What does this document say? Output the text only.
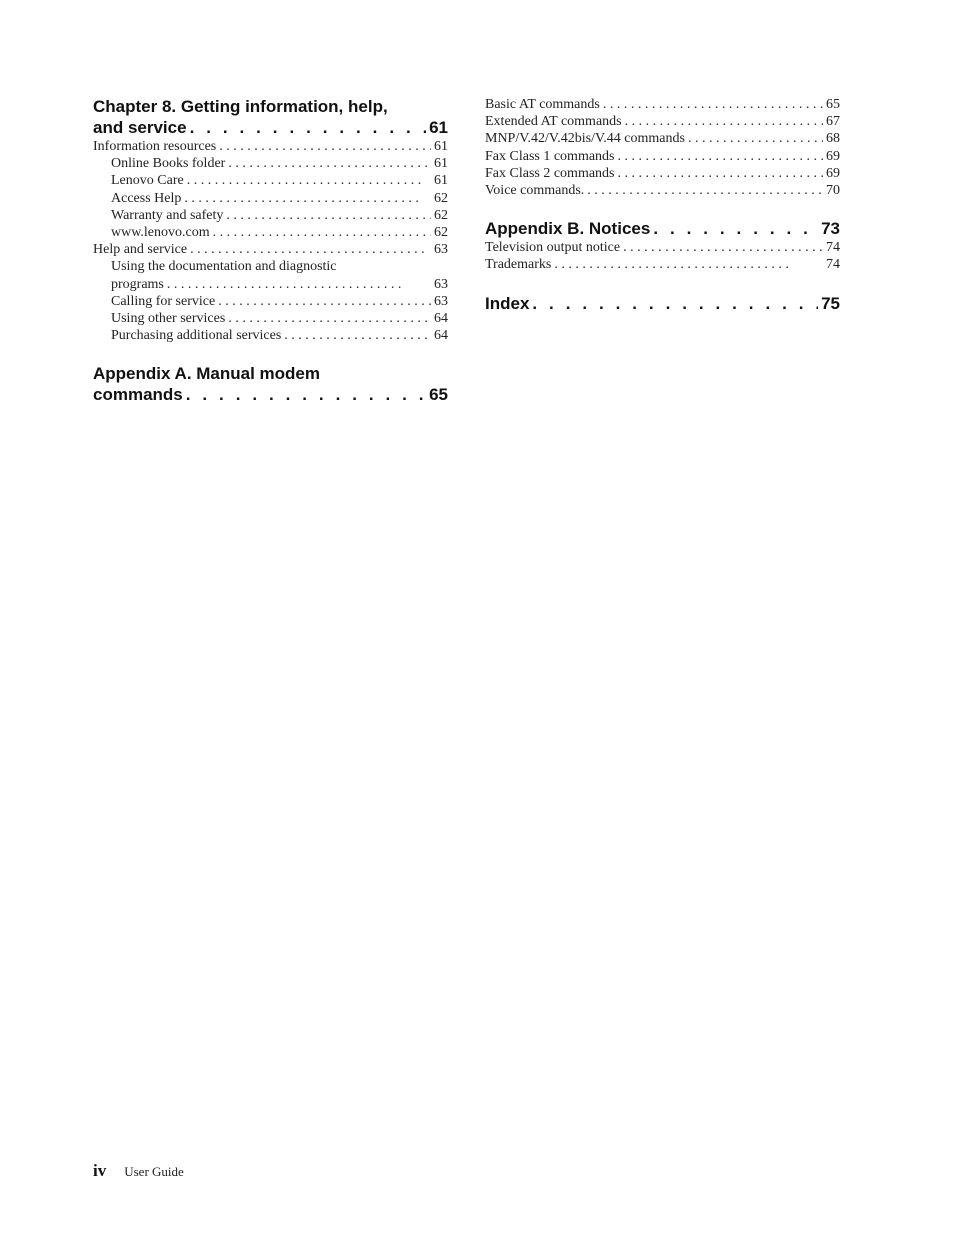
Chapter 8. Getting information, help,
and service . . .	61
Information resources . .	61
Online Books folder . .	61
Lenovo Care . .	61
Access Help . .	62
Warranty and safety . .	62
www.lenovo.com . .	62
Help and service . .	63
Using the documentation and diagnostic
programs . .	63
Calling for service . .	63
Using other services . .	64
Purchasing additional services . .	64
Appendix A. Manual modem
commands . . .	65
Basic AT commands . .	65
Extended AT commands . .	67
MNP/V.42/V.42bis/V.44 commands . .	68
Fax Class 1 commands . .	69
Fax Class 2 commands . .	69
Voice commands. . .	70
Appendix B. Notices . . .	73
Television output notice . .	74
Trademarks . .	74
Index . . .	75
iv User Guide
